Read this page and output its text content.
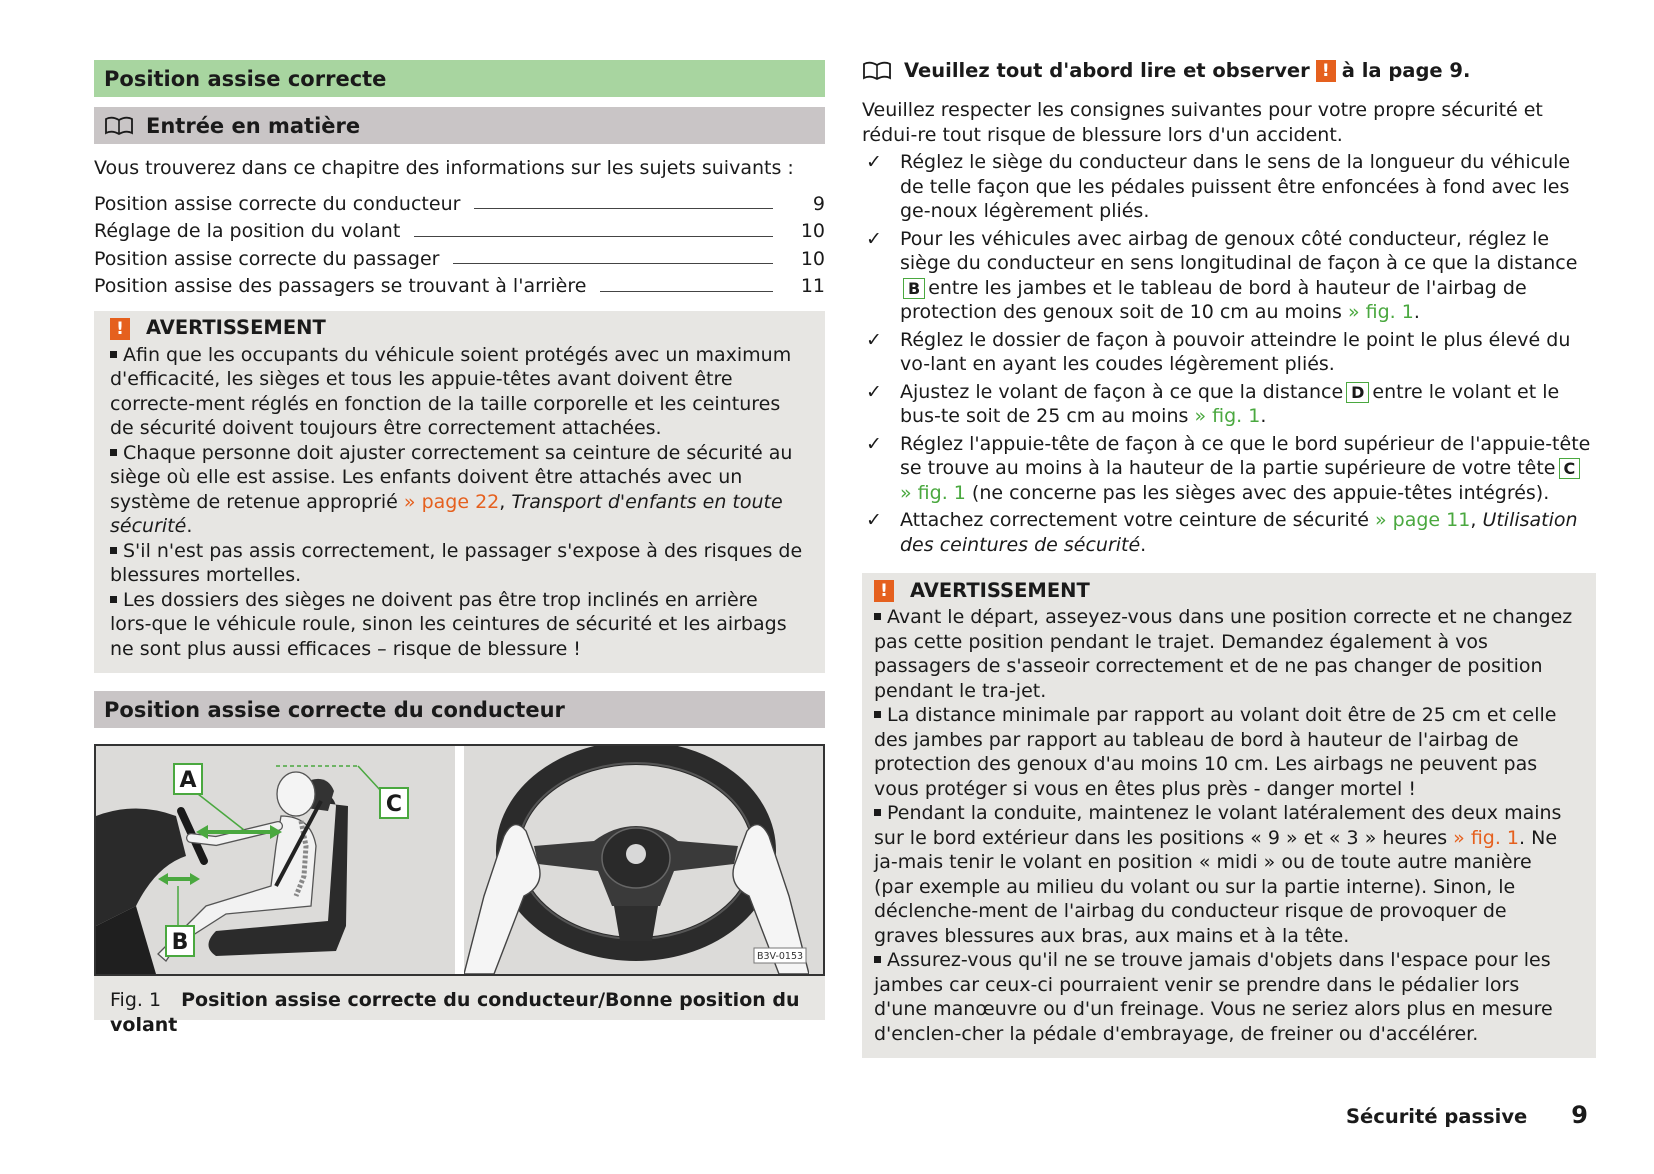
Position assise correcte
Entrée en matière

Vous trouverez dans ce chapitre des informations sur les sujets suivants :

Position assise correcte du conducteur	9
Réglage de la position du volant	10
Position assise correcte du passager	10
Position assise des passagers se trouvant à l'arrière	11
!	AVERTISSEMENT

Afin que les occupants du véhicule soient protégés avec un maximum d'efficacité, les sièges et tous les appuie-têtes avant doivent être correcte-ment réglés en fonction de la taille corporelle et les ceintures de sécurité doivent toujours être correctement attachées.

Chaque personne doit ajuster correctement sa ceinture de sécurité au siège où elle est assise. Les enfants doivent être attachés avec un système de retenue approprié » page 22, Transport d'enfants en toute sécurité.

S'il n'est pas assis correctement, le passager s'expose à des risques de blessures mortelles.

Les dossiers des sièges ne doivent pas être trop inclinés en arrière lors-que le véhicule roule, sinon les ceintures de sécurité et les airbags ne sont plus aussi efficaces – risque de blessure !

Position assise correcte du conducteur
A
B
C
B3V-0153
Fig. 1 Position assise correcte du conducteur/Bonne position du volant
Veuillez tout d'abord lire et observer ! à la page 9.

Veuillez respecter les consignes suivantes pour votre propre sécurité et rédui-re tout risque de blessure lors d'un accident.

✓ Réglez le siège du conducteur dans le sens de la longueur du véhicule de telle façon que les pédales puissent être enfoncées à fond avec les ge-noux légèrement pliés.
✓ Pour les véhicules avec airbag de genoux côté conducteur, réglez le siège du conducteur en sens longitudinal de façon à ce que la distanceB entre les jambes et le tableau de bord à hauteur de l'airbag de protection des genoux soit de 10 cm au moins » fig. 1.
✓ Réglez le dossier de façon à pouvoir atteindre le point le plus élevé du vo-lant en ayant les coudes légèrement pliés.
✓ Ajustez le volant de façon à ce que la distance D entre le volant et le bus-te soit de 25 cm au moins » fig. 1.
✓ Réglez l'appuie-tête de façon à ce que le bord supérieur de l'appuie-tête se trouve au moins à la hauteur de la partie supérieure de votre tête C » fig. 1 (ne concerne pas les sièges avec des appuie-têtes intégrés).
✓ Attachez correctement votre ceinture de sécurité » page 11, Utilisation des ceintures de sécurité.
!	AVERTISSEMENT

Avant le départ, asseyez-vous dans une position correcte et ne changez pas cette position pendant le trajet. Demandez également à vos passagers de s'asseoir correctement et de ne pas changer de position pendant le tra-jet.

La distance minimale par rapport au volant doit être de 25 cm et celle des jambes par rapport au tableau de bord à hauteur de l'airbag de protection des genoux d'au moins 10 cm. Les airbags ne peuvent pas vous protéger si vous en êtes plus près - danger mortel !

Pendant la conduite, maintenez le volant latéralement des deux mains sur le bord extérieur dans les positions « 9 » et « 3 » heures » fig. 1. Ne ja-mais tenir le volant en position « midi » ou de toute autre manière (par exemple au milieu du volant ou sur la partie interne). Sinon, le déclenche-ment de l'airbag du conducteur risque de provoquer de graves blessures aux bras, aux mains et à la tête.

Assurez-vous qu'il ne se trouve jamais d'objets dans l'espace pour les jambes car ceux-ci pourraient venir se prendre dans le pédalier lors d'une manœuvre ou d'un freinage. Vous ne seriez alors plus en mesure d'enclen-cher la pédale d'embrayage, de freiner ou d'accélérer.

Sécurité passive 9
